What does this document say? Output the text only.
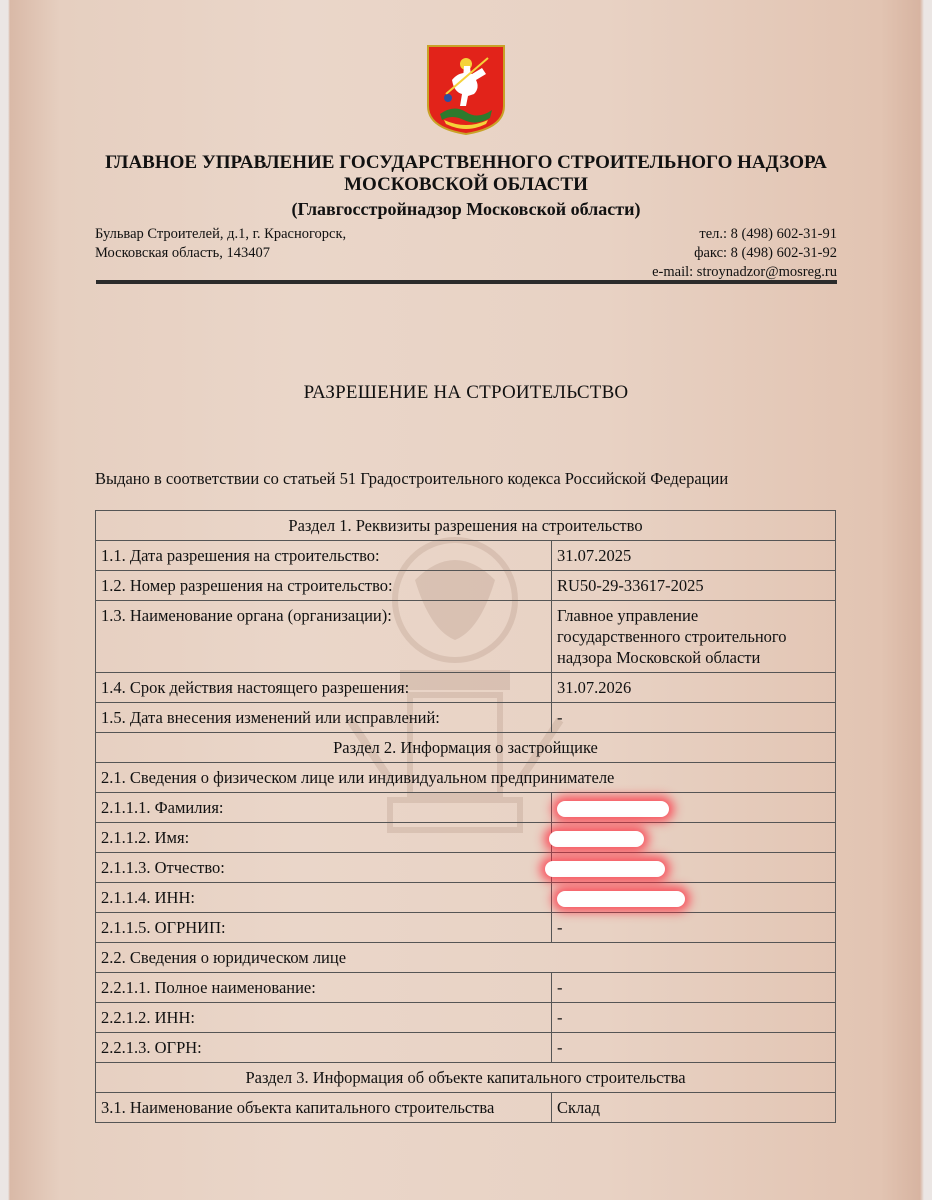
ГЛАВНОЕ УПРАВЛЕНИЕ ГОСУДАРСТВЕННОГО СТРОИТЕЛЬНОГО НАДЗОРА
МОСКОВСКОЙ ОБЛАСТИ
(Главгосстройнадзор Московской области)
Бульвар Строителей, д.1, г. Красногорск,
Московская область, 143407
тел.: 8 (498) 602-31-91
факс: 8 (498) 602-31-92
e-mail: stroynadzor@mosreg.ru
РАЗРЕШЕНИЕ НА СТРОИТЕЛЬСТВО
Выдано в соответствии со статьей 51 Градостроительного кодекса Российской Федерации
Раздел 1. Реквизиты разрешения на строительство	
1.1. Дата разрешения на строительство:	31.07.2025
1.2. Номер разрешения на строительство:	RU50-29-33617-2025
1.3. Наименование органа (организации):	Главное управление
государственного строительного
надзора Московской области

1.4. Срок действия настоящего разрешения:	31.07.2026
1.5. Дата внесения изменений или исправлений:	-
Раздел 2. Информация о застройщике	
2.1. Сведения о физическом лице или индивидуальном предпринимателе	
2.1.1.1. Фамилия:	
2.1.1.2. Имя:	
2.1.1.3. Отчество:	
2.1.1.4. ИНН:	
2.1.1.5. ОГРНИП:	-
2.2. Сведения о юридическом лице	
2.2.1.1. Полное наименование:	-
2.2.1.2. ИНН:	-
2.2.1.3. ОГРН:	-
Раздел 3. Информация об объекте капитального строительства	
3.1. Наименование объекта капитального строительства	Склад
